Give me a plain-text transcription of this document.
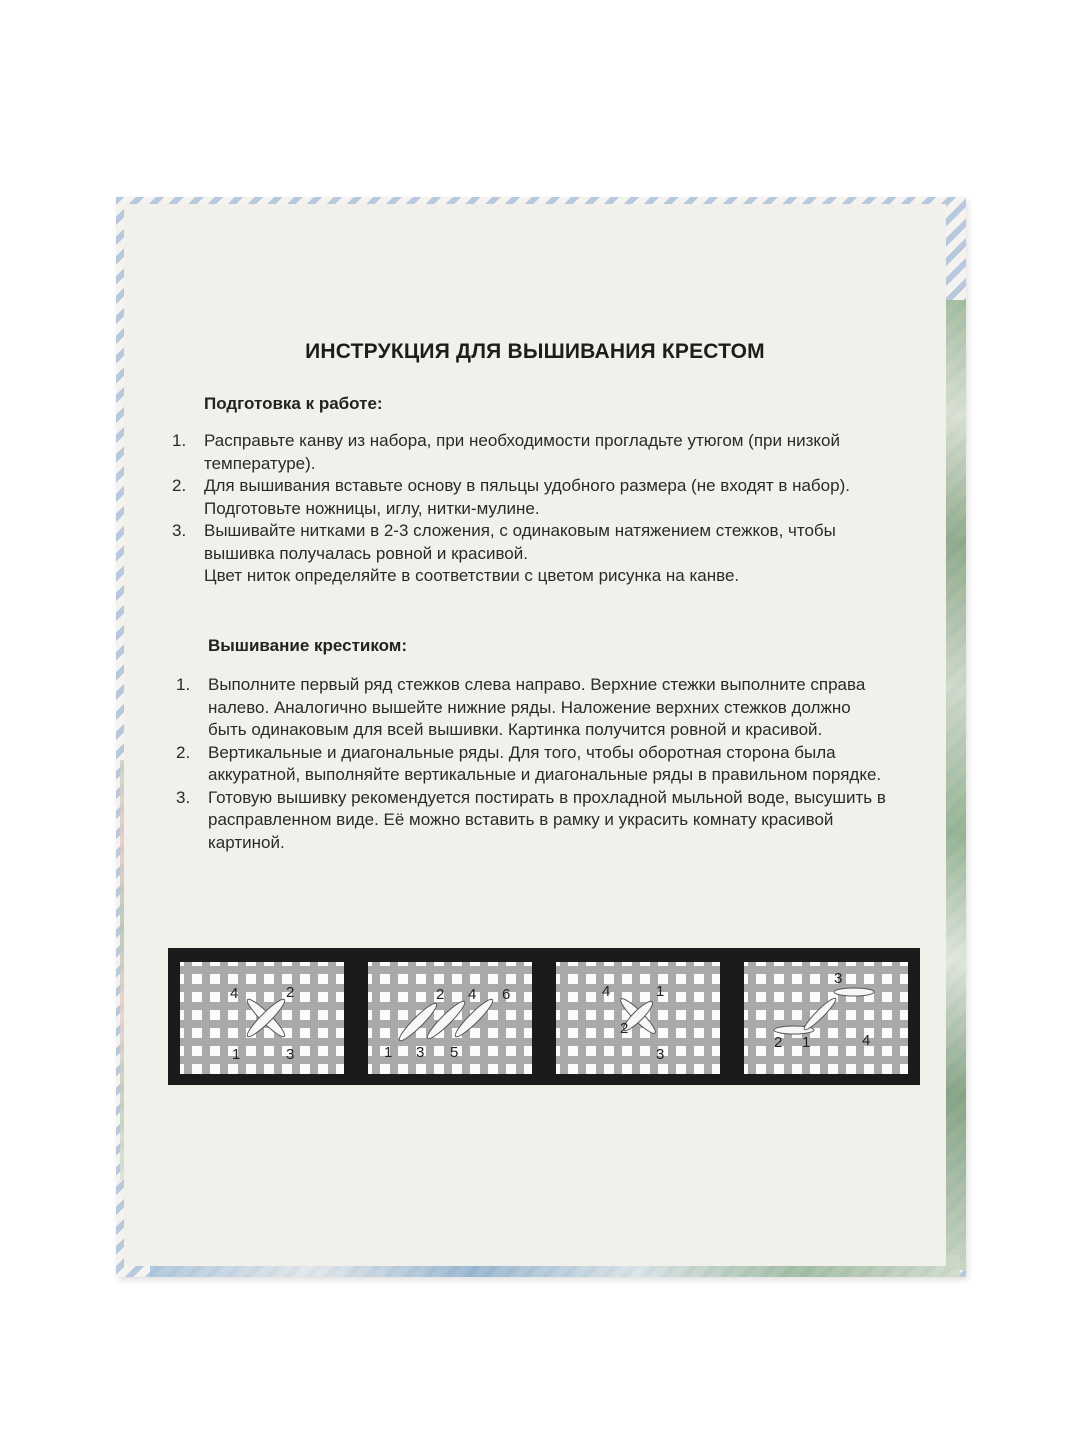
ИНСТРУКЦИЯ ДЛЯ ВЫШИВАНИЯ КРЕСТОМ
Подготовка к работе:
1. Расправьте канву из набора, при необходимости прогладьте утюгом (при низкой температуре).
2. Для вышивания вставьте основу в пяльцы удобного размера (не входят в набор). Подготовьте ножницы, иглу, нитки-мулине.
3. Вышивайте нитками в 2-3 сложения, с одинаковым натяжением стежков, чтобы вышивка получалась ровной и красивой.
Цвет ниток определяйте в соответствии с цветом рисунка на канве.
Вышивание крестиком:
1. Выполните первый ряд стежков слева направо. Верхние стежки выполните справа налево. Аналогично вышейте нижние ряды. Наложение верхних стежков должно быть одинаковым для всей вышивки. Картинка получится ровной и красивой.
2. Вертикальные и диагональные ряды. Для того, чтобы оборотная сторона была аккуратной, выполняйте вертикальные и диагональные ряды в правильном порядке.
3. Готовую вышивку рекомендуется постирать в прохладной мыльной воде, высушить в расправленном виде. Её можно вставить в рамку и украсить комнату красивой картиной.
4	2
1	3
2 4 6
1 3 5
4	1
2
3
3
2 1	4
